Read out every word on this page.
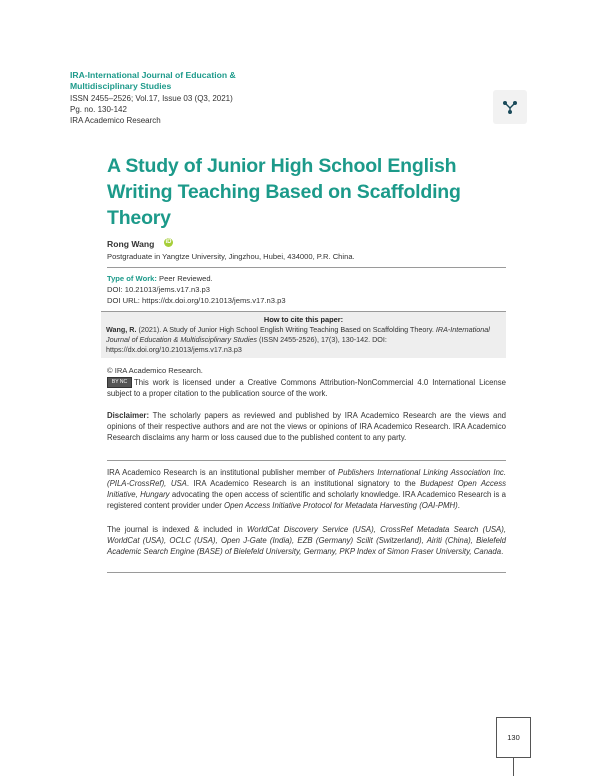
IRA-International Journal of Education & Multidisciplinary Studies
ISSN 2455–2526; Vol.17, Issue 03 (Q3, 2021)
Pg. no. 130-142
IRA Academico Research
A Study of Junior High School English Writing Teaching Based on Scaffolding Theory
Rong Wang iD
Postgraduate in Yangtze University, Jingzhou, Hubei, 434000, P.R. China.
Type of Work: Peer Reviewed.
DOI: 10.21013/jems.v17.n3.p3
DOI URL: https://dx.doi.org/10.21013/jems.v17.n3.p3
How to cite this paper:
Wang, R. (2021). A Study of Junior High School English Writing Teaching Based on Scaffolding Theory. IRA-International Journal of Education & Multidisciplinary Studies (ISSN 2455-2526), 17(3), 130-142. DOI: https://dx.doi.org/10.21013/jems.v17.n3.p3
© IRA Academico Research.
This work is licensed under a Creative Commons Attribution-NonCommercial 4.0 International License subject to a proper citation to the publication source of the work.
BY NC
Disclaimer: The scholarly papers as reviewed and published by IRA Academico Research are the views and opinions of their respective authors and are not the views or opinions of IRA Academico Research. IRA Academico Research disclaims any harm or loss caused due to the published content to any party.
IRA Academico Research is an institutional publisher member of Publishers International Linking Association Inc. (PILA-CrossRef), USA. IRA Academico Research is an institutional signatory to the Budapest Open Access Initiative, Hungary advocating the open access of scientific and scholarly knowledge. IRA Academico Research is a registered content provider under Open Access Initiative Protocol for Metadata Harvesting (OAI-PMH).
The journal is indexed & included in WorldCat Discovery Service (USA), CrossRef Metadata Search (USA), WorldCat (USA), OCLC (USA), Open J-Gate (India), EZB (Germany) Scilit (Switzerland), Airiti (China), Bielefeld Academic Search Engine (BASE) of Bielefeld University, Germany, PKP Index of Simon Fraser University, Canada.
130
